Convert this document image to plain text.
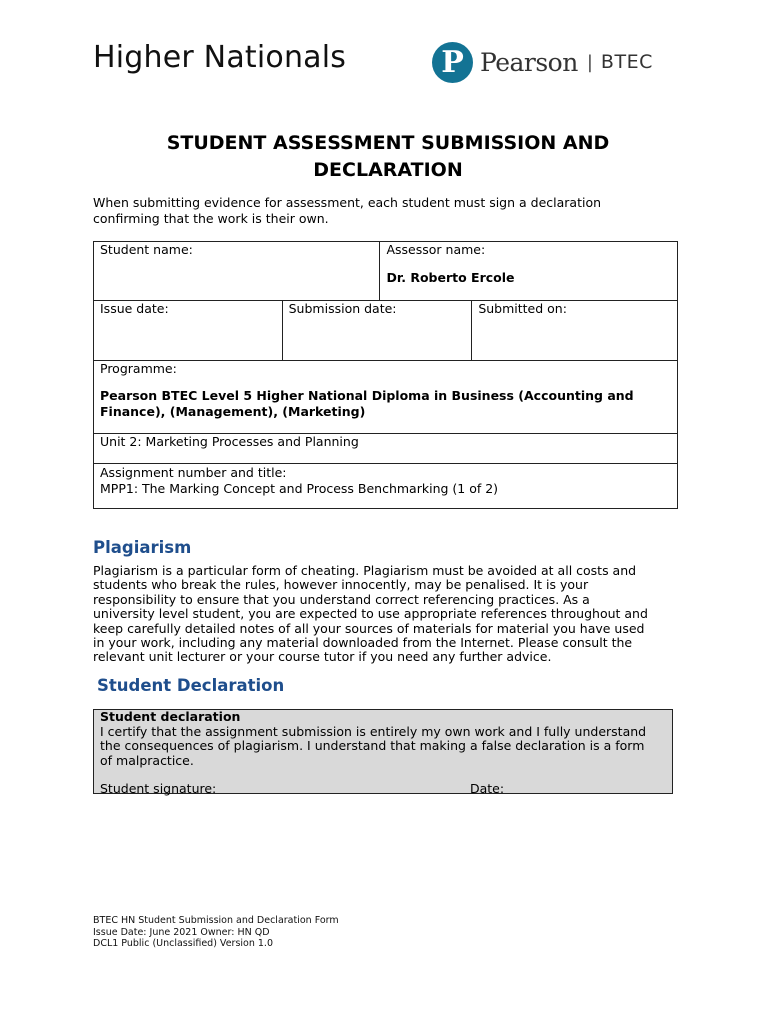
Higher Nationals	P Pearson | BTEC
STUDENT ASSESSMENT SUBMISSION AND
DECLARATION
When submitting evidence for assessment, each student must sign a declaration
confirming that the work is their own.
Student name:		Assessor name:
Dr. Roberto Ercole	

Issue date:	Submission date:		Submitted on:

Programme:
Pearson BTEC Level 5 Higher National Diploma in Business (Accounting and
Finance), (Management), (Marketing)			

Unit 2: Marketing Processes and Planning			

Assignment number and title:
MPP1: The Marking Concept and Process Benchmarking (1 of 2)			
Plagiarism
Plagiarism is a particular form of cheating. Plagiarism must be avoided at all costs and
students who break the rules, however innocently, may be penalised. It is your
responsibility to ensure that you understand correct referencing practices. As a
university level student, you are expected to use appropriate references throughout and
keep carefully detailed notes of all your sources of materials for material you have used
in your work, including any material downloaded from the Internet. Please consult the
relevant unit lecturer or your course tutor if you need any further advice.
Student Declaration
Student declaration
I certify that the assignment submission is entirely my own work and I fully understand
the consequences of plagiarism. I understand that making a false declaration is a form
of malpractice.
Student signature:	Date:
BTEC HN Student Submission and Declaration Form
Issue Date: June 2021 Owner: HN QD
DCL1 Public (Unclassified) Version 1.0
